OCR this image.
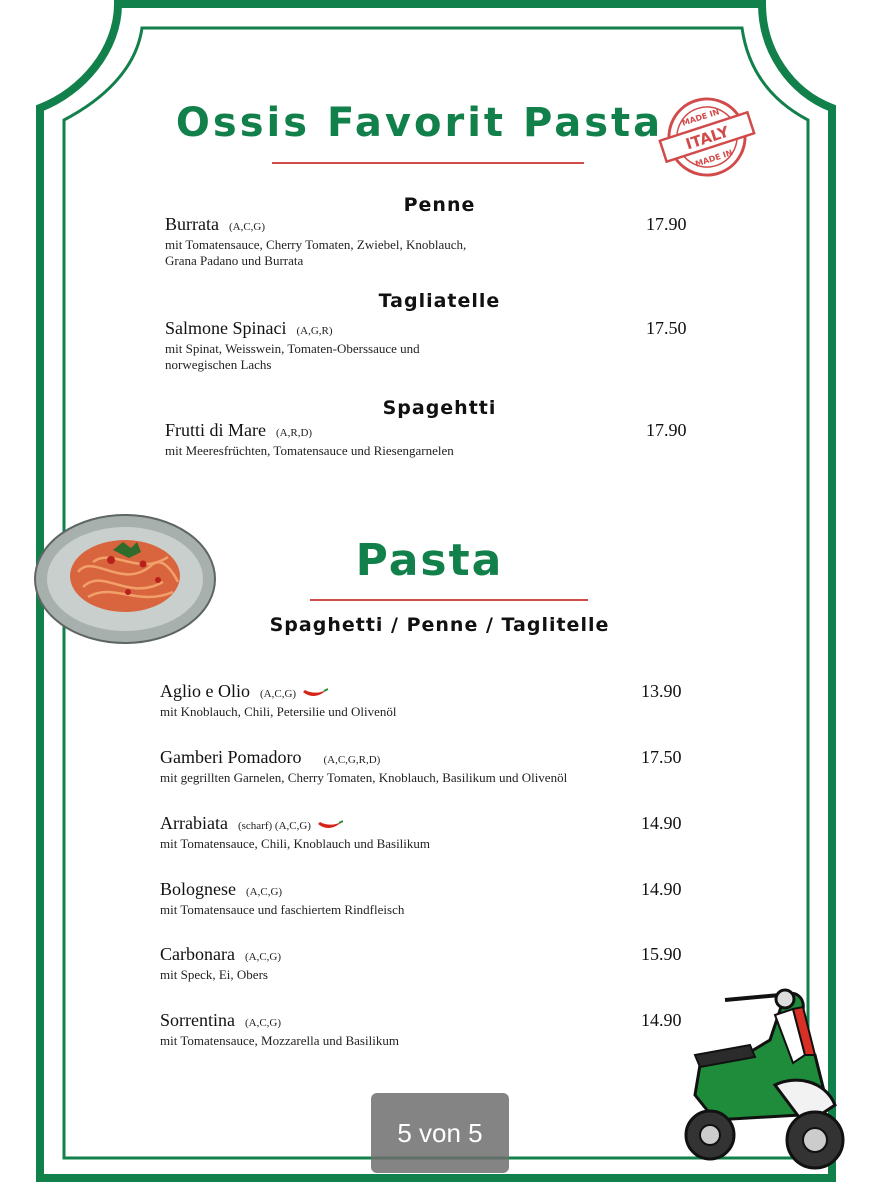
Ossis Favorit Pasta	ITALY
MADE IN
MADE IN
Penne
Burrata (A,C,G)
mit Tomatensauce, Cherry Tomaten, Zwiebel, Knoblauch,
Grana Padano und Burrata
17.90
Tagliatelle
Salmone Spinaci (A,G,R)
mit Spinat, Weisswein, Tomaten-Oberssauce und
norwegischen Lachs
17.50
Spagehtti
Frutti di Mare (A,R,D)
mit Meeresfrüchten, Tomatensauce und Riesengarnelen
17.90
Pasta
Spaghetti / Penne / Taglitelle
Aglio e Olio (A,C,G)
mit Knoblauch, Chili, Petersilie und Olivenöl
13.90
Gamberi Pomadoro (A,C,G,R,D)
mit gegrillten Garnelen, Cherry Tomaten, Knoblauch, Basilikum und Olivenöl
17.50
Arrabiata (scharf) (A,C,G)
mit Tomatensauce, Chili, Knoblauch und Basilikum
14.90
Bolognese (A,C,G)
mit Tomatensauce und faschiertem Rindfleisch
14.90
Carbonara (A,C,G)
mit Speck, Ei, Obers
15.90
Sorrentina (A,C,G)
mit Tomatensauce, Mozzarella und Basilikum
14.90
5 von 5
